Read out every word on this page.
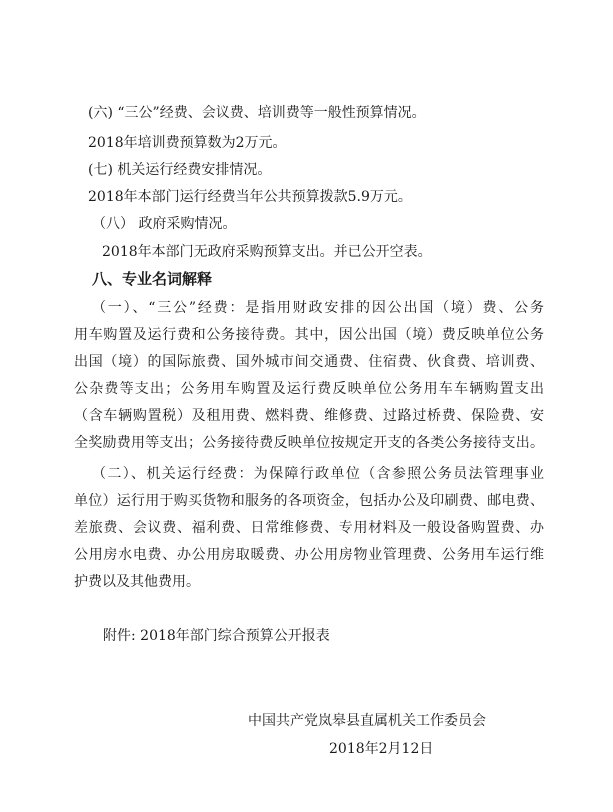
(六) “三公”经费、会议费、培训费等一般性预算情况。
2018年培训费预算数为2万元。
(七) 机关运行经费安排情况。
2018年本部门运行经费当年公共预算拨款5.9万元。
（八） 政府采购情况。
2018年本部门无政府采购预算支出。并已公开空表。
八、专业名词解释
（一）、“三公”经费：是指用财政安排的因公出国（境）费、公务
用车购置及运行费和公务接待费。其中，因公出国（境）费反映单位公务
出国（境）的国际旅费、国外城市间交通费、住宿费、伙食费、培训费、
公杂费等支出；公务用车购置及运行费反映单位公务用车车辆购置支出
（含车辆购置税）及租用费、燃料费、维修费、过路过桥费、保险费、安
全奖励费用等支出；公务接待费反映单位按规定开支的各类公务接待支出。
（二）、机关运行经费：为保障行政单位（含参照公务员法管理事业
单位）运行用于购买货物和服务的各项资金，包括办公及印刷费、邮电费、
差旅费、会议费、福利费、日常维修费、专用材料及一般设备购置费、办
公用房水电费、办公用房取暖费、办公用房物业管理费、公务用车运行维
护费以及其他费用。
附件: 2018年部门综合预算公开报表
中国共产党岚皋县直属机关工作委员会
2018年2月12日
